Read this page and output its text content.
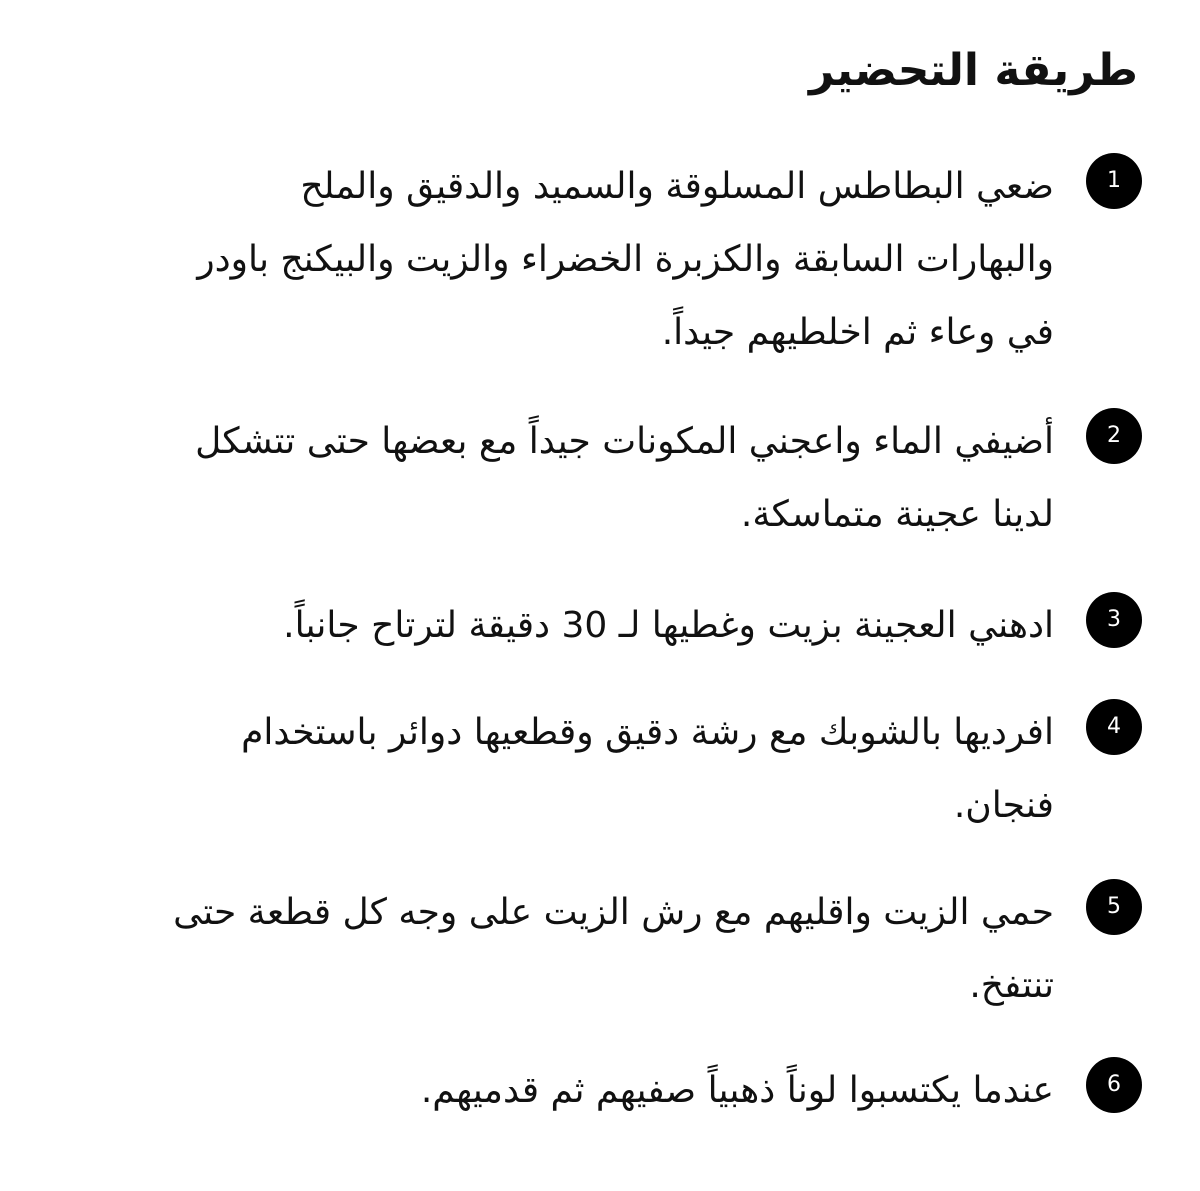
طريقة التحضير
1

ضعي البطاطس المسلوقة والسميد والدقيق والملح والبهارات السابقة والكزبرة الخضراء والزيت والبيكنج باودر في وعاء ثم اخلطيهم جيداً.

2

أضيفي الماء واعجني المكونات جيداً مع بعضها حتى تتشكل لدينا عجينة متماسكة.

3

ادهني العجينة بزيت وغطيها لـ 30 دقيقة لترتاح جانباً.

4

افرديها بالشوبك مع رشة دقيق وقطعيها دوائر باستخدام فنجان.

5

حمي الزيت واقليهم مع رش الزيت على وجه كل قطعة حتى تنتفخ.

6

عندما يكتسبوا لوناً ذهبياً صفيهم ثم قدميهم.
